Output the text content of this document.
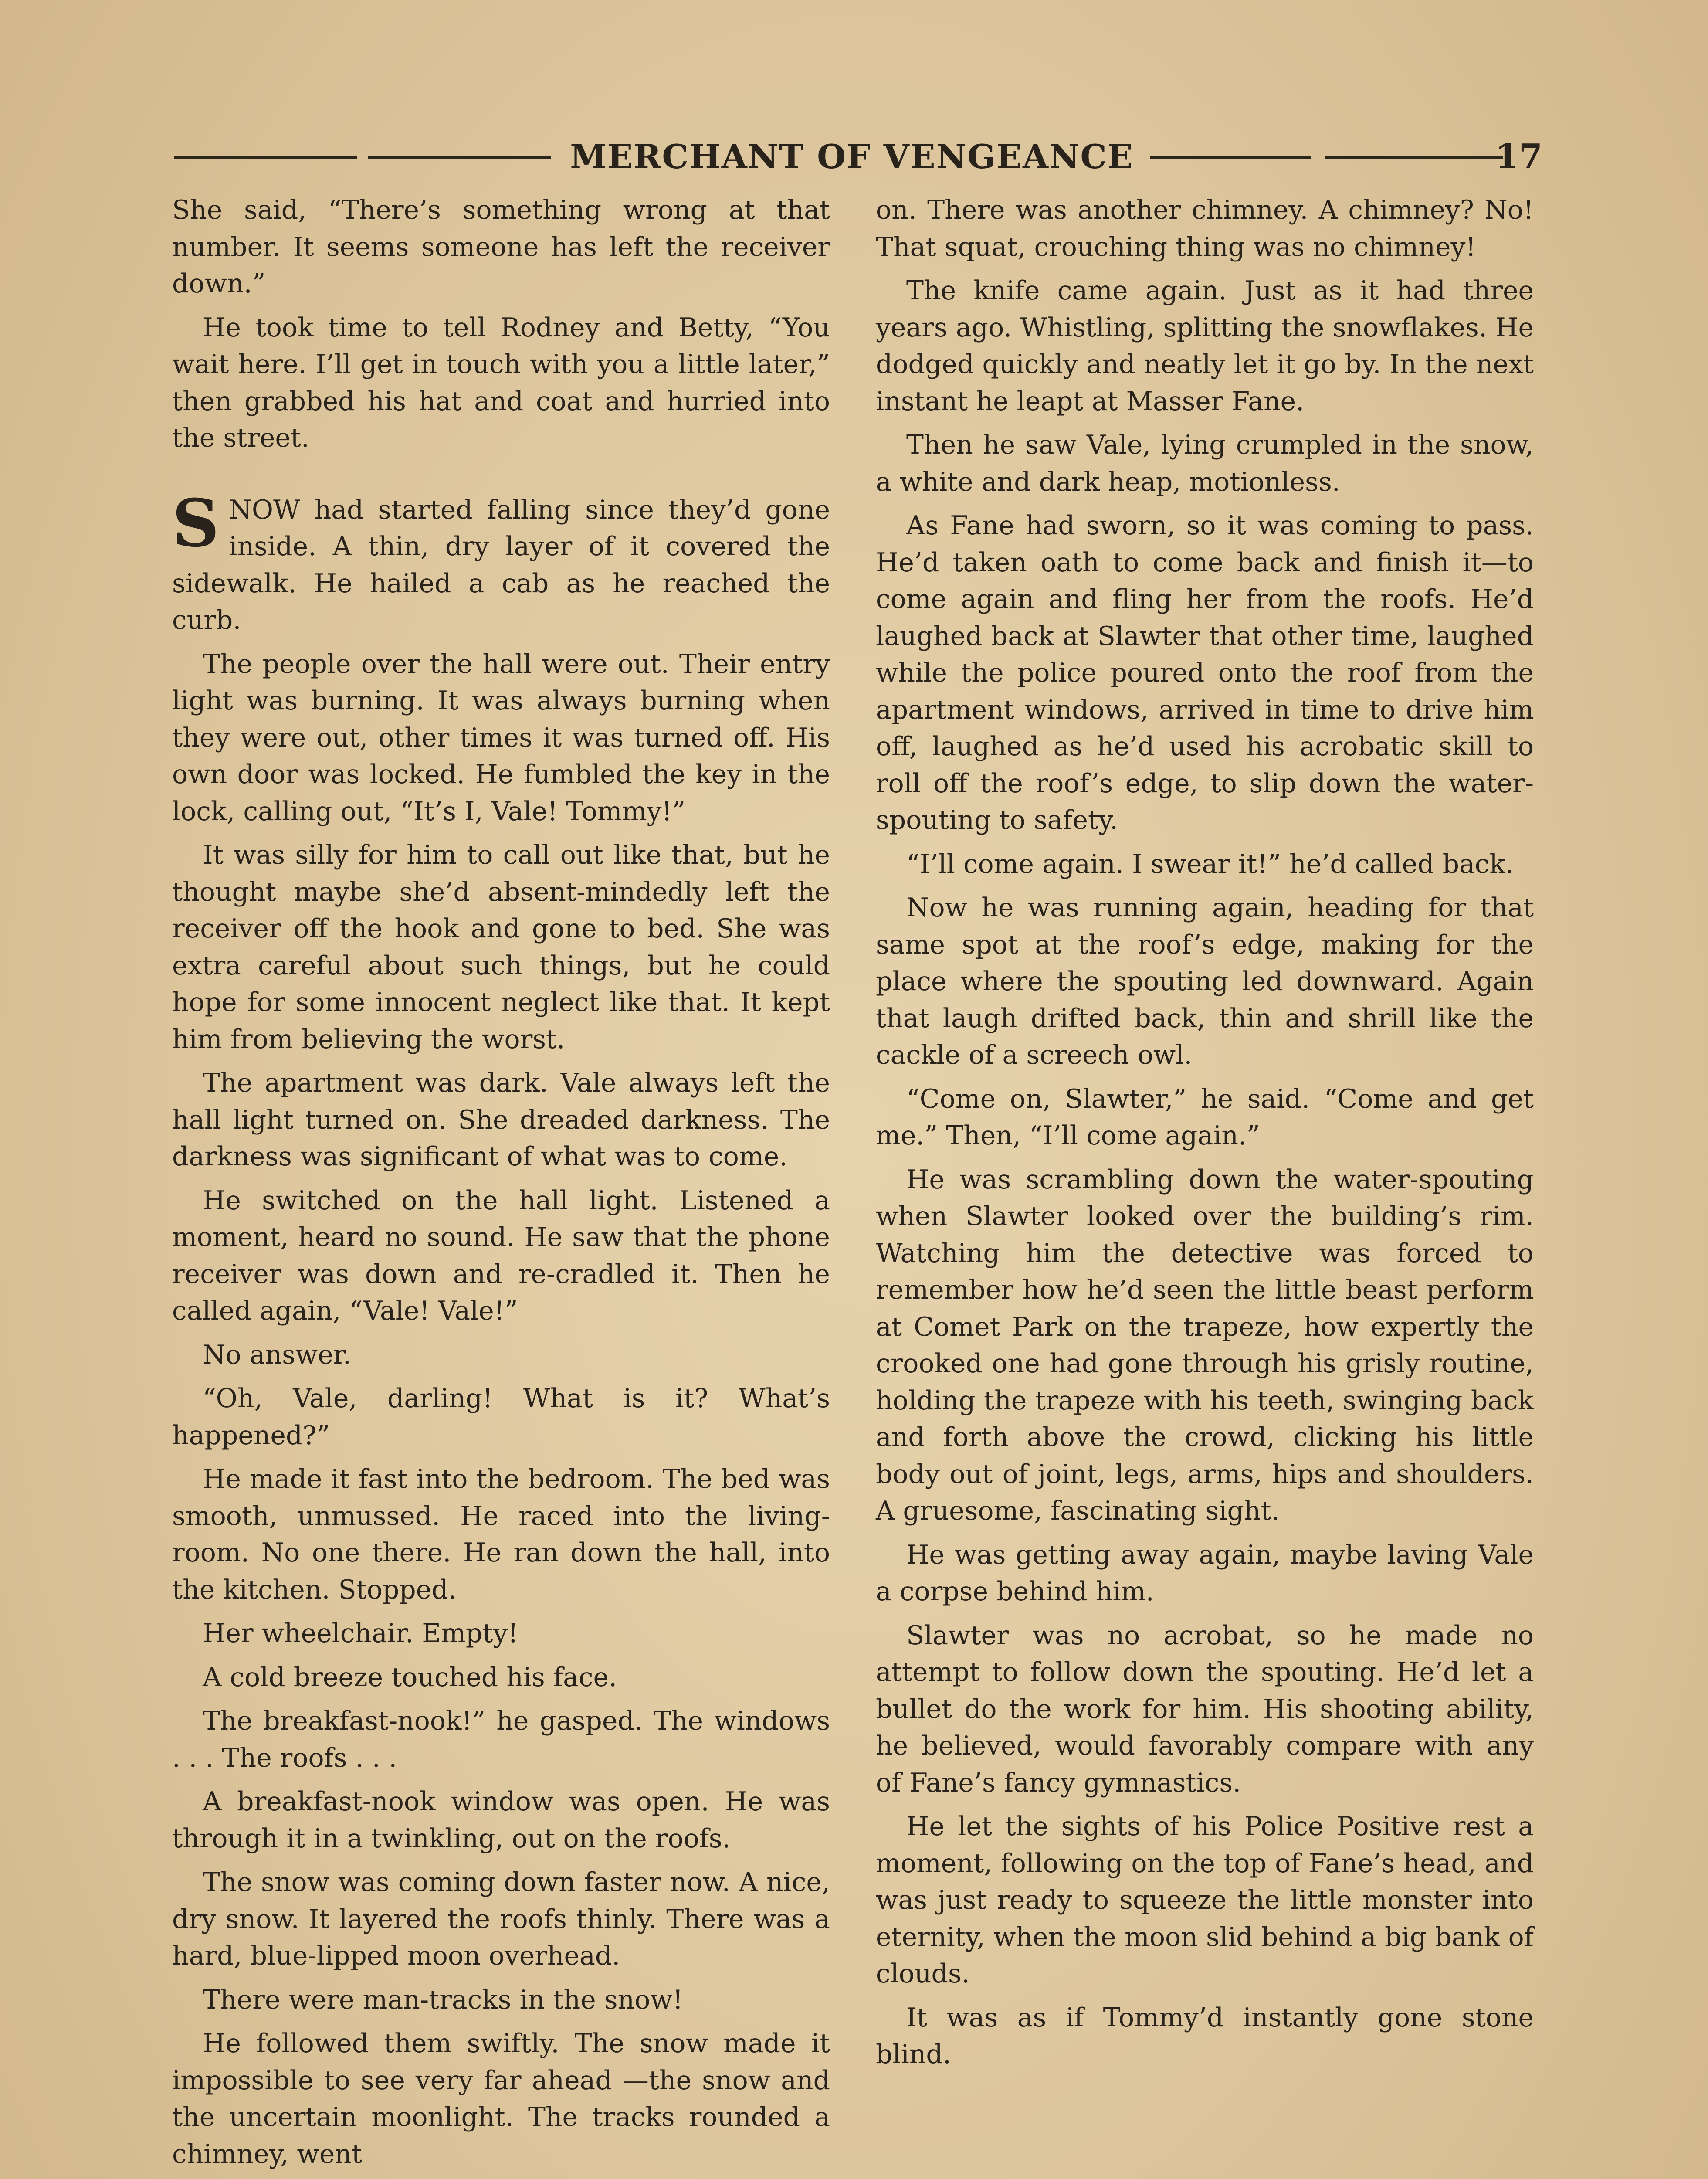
MERCHANT OF VENGEANCE	17

She said, “There’s something wrong at that number. It seems someone has left the receiver down.”

He took time to tell Rodney and Betty, “You wait here. I’ll get in touch with you a little later,” then grabbed his hat and coat and hurried into the street.

SNOW had started falling since they’d gone inside. A thin, dry layer of it covered the sidewalk. He hailed a cab as he reached the curb.

The people over the hall were out. Their entry light was burning. It was always burning when they were out, other times it was turned off. His own door was locked. He fumbled the key in the lock, calling out, “It’s I, Vale! Tommy!”

It was silly for him to call out like that, but he thought maybe she’d absent-mindedly left the receiver off the hook and gone to bed. She was extra careful about such things, but he could hope for some innocent neglect like that. It kept him from believing the worst.

The apartment was dark. Vale always left the hall light turned on. She dreaded darkness. The darkness was significant of what was to come.

He switched on the hall light. Listened a moment, heard no sound. He saw that the phone receiver was down and re-cradled it. Then he called again, “Vale! Vale!”

No answer.

“Oh, Vale, darling! What is it? What’s happened?”

He made it fast into the bedroom. The bed was smooth, unmussed. He raced into the living-room. No one there. He ran down the hall, into the kitchen. Stopped.

Her wheelchair. Empty!

A cold breeze touched his face.

The breakfast-nook!” he gasped. The windows . . . The roofs . . .

A breakfast-nook window was open. He was through it in a twinkling, out on the roofs.

The snow was coming down faster now. A nice, dry snow. It layered the roofs thinly. There was a hard, blue-lipped moon overhead.

There were man-tracks in the snow!

He followed them swiftly. The snow made it impossible to see very far ahead —the snow and the uncertain moonlight. The tracks rounded a chimney, went

on. There was another chimney. A chimney? No! That squat, crouching thing was no chimney!

The knife came again. Just as it had three years ago. Whistling, splitting the snowflakes. He dodged quickly and neatly let it go by. In the next instant he leapt at Masser Fane.

Then he saw Vale, lying crumpled in the snow, a white and dark heap, motionless.

As Fane had sworn, so it was coming to pass. He’d taken oath to come back and finish it—to come again and fling her from the roofs. He’d laughed back at Slawter that other time, laughed while the police poured onto the roof from the apartment windows, arrived in time to drive him off, laughed as he’d used his acrobatic skill to roll off the roof’s edge, to slip down the water-spouting to safety.

“I’ll come again. I swear it!” he’d called back.

Now he was running again, heading for that same spot at the roof’s edge, making for the place where the spouting led downward. Again that laugh drifted back, thin and shrill like the cackle of a screech owl.

“Come on, Slawter,” he said. “Come and get me.” Then, “I’ll come again.”

He was scrambling down the water-spouting when Slawter looked over the building’s rim. Watching him the detective was forced to remember how he’d seen the little beast perform at Comet Park on the trapeze, how expertly the crooked one had gone through his grisly routine, holding the trapeze with his teeth, swinging back and forth above the crowd, clicking his little body out of joint, legs, arms, hips and shoulders. A gruesome, fascinating sight.

He was getting away again, maybe laving Vale a corpse behind him.

Slawter was no acrobat, so he made no attempt to follow down the spouting. He’d let a bullet do the work for him. His shooting ability, he believed, would favorably compare with any of Fane’s fancy gymnastics.

He let the sights of his Police Positive rest a moment, following on the top of Fane’s head, and was just ready to squeeze the little monster into eternity, when the moon slid behind a big bank of clouds.

It was as if Tommy’d instantly gone stone blind.
